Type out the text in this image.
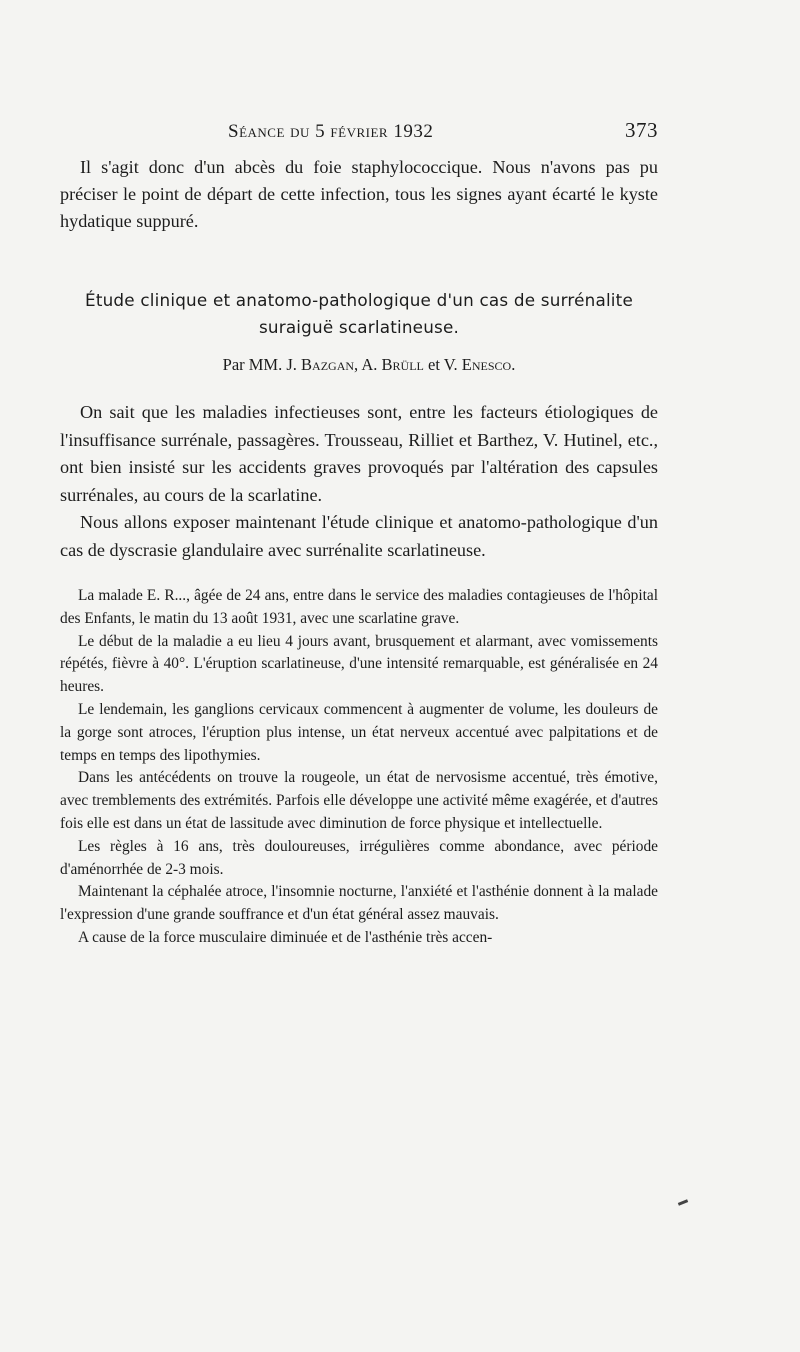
Séance du 5 février 1932	373

Il s'agit donc d'un abcès du foie staphylococcique. Nous n'avons pas pu préciser le point de départ de cette infection, tous les signes ayant écarté le kyste hydatique suppuré.

Étude clinique et anatomo-pathologique d'un cas de surrénalite
suraiguë scarlatineuse.
Par MM. J. Bazgan, A. Brüll et V. Enesco.

On sait que les maladies infectieuses sont, entre les facteurs étiologiques de l'insuffisance surrénale, passagères. Trousseau, Rilliet et Barthez, V. Hutinel, etc., ont bien insisté sur les accidents graves provoqués par l'altération des capsules surrénales, au cours de la scarlatine.

Nous allons exposer maintenant l'étude clinique et anatomo-pathologique d'un cas de dyscrasie glandulaire avec surrénalite scarlatineuse.

La malade E. R..., âgée de 24 ans, entre dans le service des maladies contagieuses de l'hôpital des Enfants, le matin du 13 août 1931, avec une scarlatine grave.

Le début de la maladie a eu lieu 4 jours avant, brusquement et alarmant, avec vomissements répétés, fièvre à 40°. L'éruption scarlatineuse, d'une intensité remarquable, est généralisée en 24 heures.

Le lendemain, les ganglions cervicaux commencent à augmenter de volume, les douleurs de la gorge sont atroces, l'éruption plus intense, un état nerveux accentué avec palpitations et de temps en temps des lipothymies.

Dans les antécédents on trouve la rougeole, un état de nervosisme accentué, très émotive, avec tremblements des extrémités. Parfois elle développe une activité même exagérée, et d'autres fois elle est dans un état de lassitude avec diminution de force physique et intellectuelle.

Les règles à 16 ans, très douloureuses, irrégulières comme abondance, avec période d'aménorrhée de 2-3 mois.

Maintenant la céphalée atroce, l'insomnie nocturne, l'anxiété et l'asthénie donnent à la malade l'expression d'une grande souffrance et d'un état général assez mauvais.

A cause de la force musculaire diminuée et de l'asthénie très accen-
